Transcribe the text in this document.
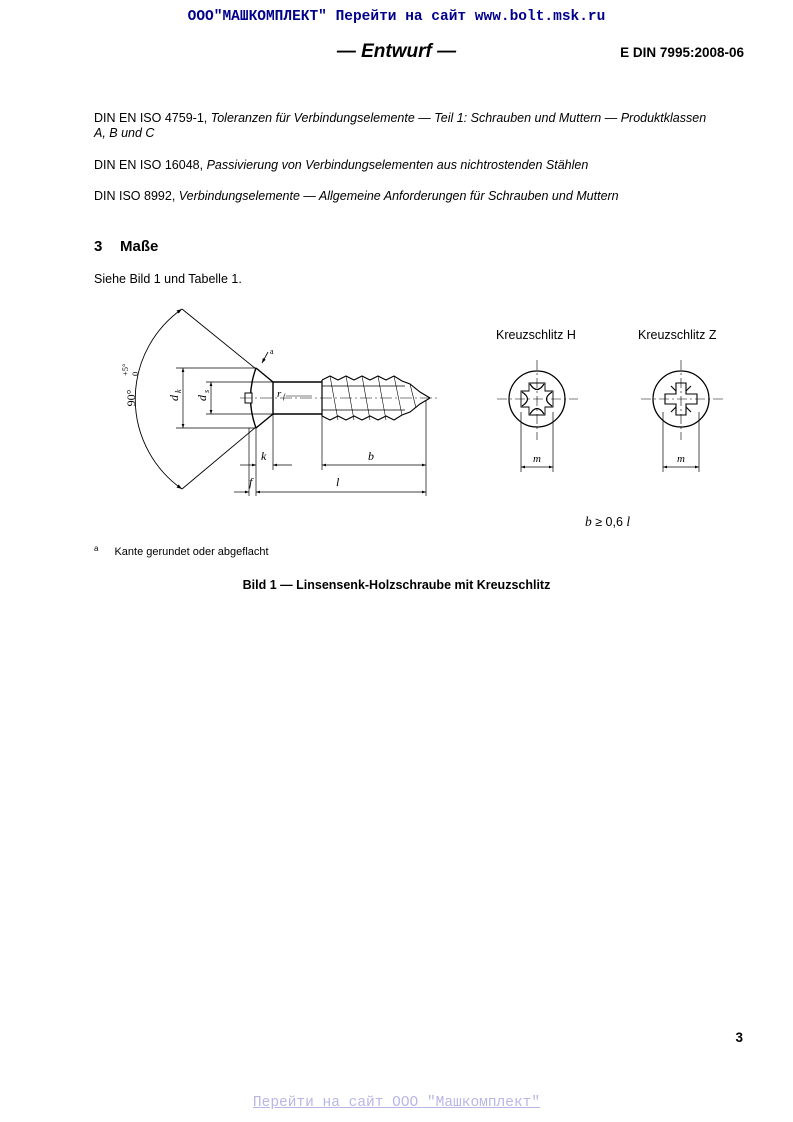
ООО"МАШКОМПЛЕКТ" Перейти на сайт www.bolt.msk.ru
— Entwurf —	E DIN 7995:2008-06
DIN EN ISO 4759-1, Toleranzen für Verbindungselemente — Teil 1: Schrauben und Muttern — Produktklassen
A, B und C
DIN EN ISO 16048, Passivierung von Verbindungselementen aus nichtrostenden Stählen
DIN ISO 8992, Verbindungselemente — Allgemeine Anforderungen für Schrauben und Muttern
3 Maße
Siehe Bild 1 und Tabelle 1.
90°
+5° 0
a
d
k
d
s	r f
k	b
f	l
m	m
Kreuzschlitz H	Kreuzschlitz Z
b ≥ 0,6 l
$^a$ Kante gerundet oder abgeflacht
Bild 1 — Linsensenk-Holzschraube mit Kreuzschlitz
3
Перейти на сайт ООО "Машкомплект"
